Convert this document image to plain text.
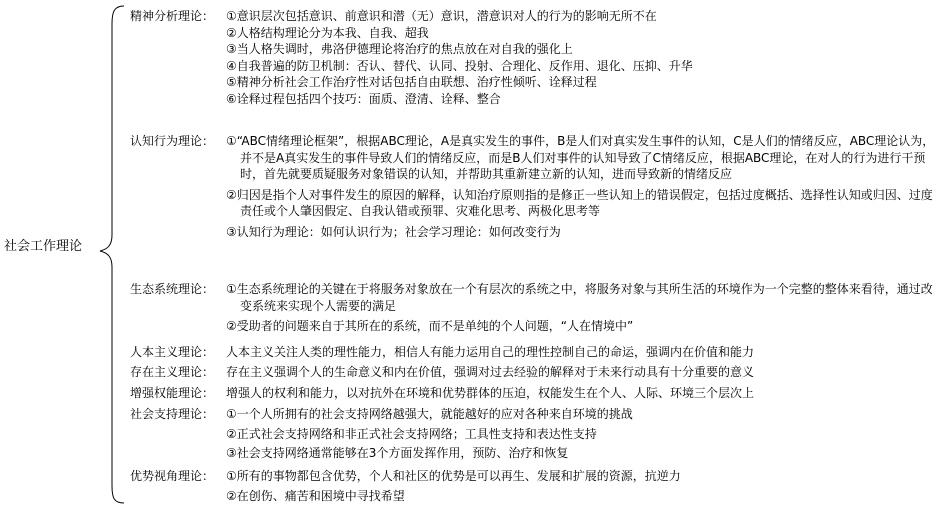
社会工作理论
精神分析理论： ①意识层次包括意识、前意识和潜（无）意识，潜意识对人的行为的影响无所不在
②人格结构理论分为本我、自我、超我
③当人格失调时，弗洛伊德理论将治疗的焦点放在对自我的强化上
④自我普遍的防卫机制：否认、替代、认同、投射、合理化、反作用、退化、压抑、升华
⑤精神分析社会工作治疗性对话包括自由联想、治疗性倾听、诠释过程
⑥诠释过程包括四个技巧：面质、澄清、诠释、整合
认知行为理论： ①“ABC情绪理论框架”，根据ABC理论，A是真实发生的事件，B是人们对真实发生事件的认知，C是人们的情绪反应，ABC理论认为，并不是A真实发生的事件导致人们的情绪反应，而是B人们对事件的认知导致了C情绪反应，根据ABC理论，在对人的行为进行干预时，首先就要质疑服务对象错误的认知，并帮助其重新建立新的认知，进而导致新的情绪反应
②归因是指个人对事件发生的原因的解释，认知治疗原则指的是修正一些认知上的错误假定，包括过度概括、选择性认知或归因、过度责任或个人肇因假定、自我认错或预罪、灾难化思考、两极化思考等
③认知行为理论：如何认识行为；社会学习理论：如何改变行为
生态系统理论： ①生态系统理论的关键在于将服务对象放在一个有层次的系统之中，将服务对象与其所生活的环境作为一个完整的整体来看待，通过改变系统来实现个人需要的满足
②受助者的问题来自于其所在的系统，而不是单纯的个人问题，“人在情境中”
人本主义理论： 人本主义关注人类的理性能力，相信人有能力运用自己的理性控制自己的命运，强调内在价值和能力
存在主义理论： 存在主义强调个人的生命意义和内在价值，强调对过去经验的解释对于未来行动具有十分重要的意义
增强权能理论： 增强人的权利和能力，以对抗外在环境和优势群体的压迫，权能发生在个人、人际、环境三个层次上
社会支持理论： ①一个人所拥有的社会支持网络越强大，就能越好的应对各种来自环境的挑战
②正式社会支持网络和非正式社会支持网络；工具性支持和表达性支持
③社会支持网络通常能够在3个方面发挥作用，预防、治疗和恢复
优势视角理论： ①所有的事物都包含优势，个人和社区的优势是可以再生、发展和扩展的资源，抗逆力
②在创伤、痛苦和困境中寻找希望
